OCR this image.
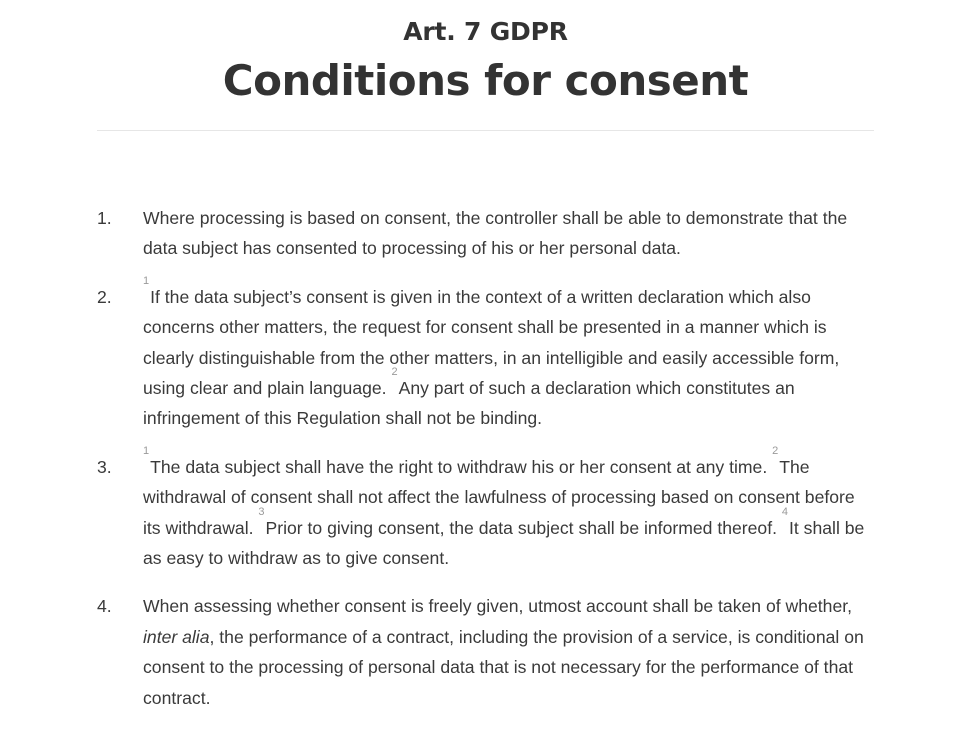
Art. 7 GDPR
Conditions for consent
1.	Where processing is based on consent, the controller shall be able to demonstrate that the data subject has consented to processing of his or her personal data.
2.
$^1$If the data subject’s consent is given in the context of a written declaration which also concerns other matters, the request for consent shall be presented in a manner which is clearly distinguishable from the other matters, in an intelligible and easily accessible form, using clear and plain language. $^2$Any part of such a declaration which constitutes an infringement of this Regulation shall not be binding.
3.
$^1$The data subject shall have the right to withdraw his or her consent at any time. $^2$The withdrawal of consent shall not affect the lawfulness of processing based on consent before its withdrawal. $^3$Prior to giving consent, the data subject shall be informed thereof. $^4$It shall be as easy to withdraw as to give consent.
4.	When assessing whether consent is freely given, utmost account shall be taken of whether, inter alia, the performance of a contract, including the provision of a service, is conditional on consent to the processing of personal data that is not necessary for the performance of that contract.
